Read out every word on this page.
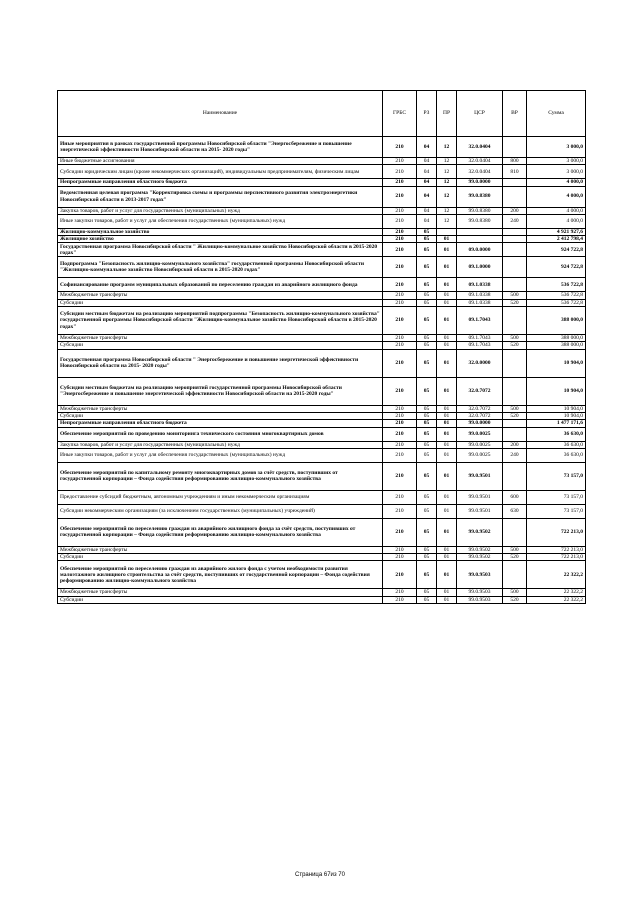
Наименование	ГРБС	РЗ	ПР	ЦСР	ВР	Сумма
Иные мероприятия в рамках государственной программы Новосибирской области "Энергосбережение и повышение энергетической эффективности Новосибирской области на 2015- 2020 годы"	210	04	12	32.0.0404		3 000,0
Иные бюджетные ассигнования	210	04	12	32.0.0404	800	3 000,0
Субсидии юридическим лицам (кроме некоммерческих организаций), индивидуальным предпринимателям, физическим лицам	210	04	12	32.0.0404	810	3 000,0
Непрограммные направления областного бюджета	210	04	12	99.0.0000		4 000,0
Ведомственная целевая программа "Корректировка схемы и программы перспективного развития электроэнергетики Новосибирской области в 2013-2017 годах"	210	04	12	99.0.8380		4 000,0
Закупка товаров, работ и услуг для государственных (муниципальных) нужд	210	04	12	99.0.8380	200	4 000,0
Иные закупки товаров, работ и услуг для обеспечения государственных (муниципальных) нужд	210	04	12	99.0.8380	240	4 000,0
Жилищно-коммунальное хозяйство	210	05				4 921 927,6
Жилищное хозяйство	210	05	01			2 412 798,4
Государственная программа Новосибирской области " Жилищно-коммунальное хозяйство Новосибирской области в 2015-2020 годах"	210	05	01	09.0.0000		924 722,8
Подпрограмма "Безопасность жилищно-коммунального хозяйства" государственной программы Новосибирской области "Жилищно-коммунальное хозяйство Новосибирской области в 2015-2020 годах"	210	05	01	09.1.0000		924 722,8
Софинансирование программ муниципальных образований по переселению граждан из аварийного жилищного фонда	210	05	01	09.1.0338		536 722,8
Межбюджетные трансферты	210	05	01	09.1.0338	500	536 722,8
Субсидии	210	05	01	09.1.0338	520	536 722,8
Субсидии местным бюджетам на реализацию мероприятий подпрограммы "Безопасность жилищно-коммунального хозяйства" государственной программы Новосибирской области "Жилищно-коммунальное хозяйство Новосибирской области в 2015-2020 годах"	210	05	01	09.1.7043		388 000,0
Межбюджетные трансферты	210	05	01	09.1.7043	500	388 000,0
Субсидии	210	05	01	09.1.7043	520	388 000,0
Государственная программа Новосибирской области " Энергосбережение и повышение энергетической эффективности Новосибирской области на 2015- 2020 годы"	210	05	01	32.0.0000		10 904,0
Субсидии местным бюджетам на реализацию мероприятий государственной программы Новосибирской области "Энергосбережение и повышение энергетической эффективности Новосибирской области на 2015-2020 годы"	210	05	01	32.0.7072		10 904,0
Межбюджетные трансферты	210	05	01	32.0.7072	500	10 904,0
Субсидии	210	05	01	32.0.7072	520	10 904,0
Непрограммные направления областного бюджета	210	05	01	99.0.0000		1 477 171,6
Обеспечение мероприятий по проведению мониторинга технического состояния многоквартирных домов	210	05	01	99.0.0025		36 630,0
Закупка товаров, работ и услуг для государственных (муниципальных) нужд	210	05	01	99.0.0025	200	36 630,0
Иные закупки товаров, работ и услуг для обеспечения государственных (муниципальных) нужд	210	05	01	99.0.0025	240	36 630,0
Обеспечение мероприятий по капитальному ремонту многоквартирных домов за счёт средств, поступивших от государственной корпорации – Фонда содействия реформированию жилищно-коммунального хозяйства	210	05	01	99.0.9501		73 157,0
Предоставление субсидий бюджетным, автономным учреждениям и иным некоммерческим организациям	210	05	01	99.0.9501	600	73 157,0
Субсидии некоммерческим организациям (за исключением государственных (муниципальных) учреждений)	210	05	01	99.0.9501	630	73 157,0
Обеспечение мероприятий по переселению граждан из аварийного жилищного фонда за счёт средств, поступивших от государственной корпорации – Фонда содействия реформированию жилищно-коммунального хозяйства	210	05	01	99.0.9502		722 213,0
Межбюджетные трансферты	210	05	01	99.0.9502	500	722 213,0
Субсидии	210	05	01	99.0.9502	520	722 213,0
Обеспечение мероприятий по переселению граждан из аварийного жилого фонда с учетом необходимости развития малоэтажного жилищного строительства за счёт средств, поступивших от государственной корпорации – Фонда содействия реформированию жилищно-коммунального хозяйства	210	05	01	99.0.9503		22 322,2
Межбюджетные трансферты	210	05	01	99.0.9503	500	22 322,2
Субсидии	210	05	01	99.0.9503	520	22 322,2
Страница 67из 70
